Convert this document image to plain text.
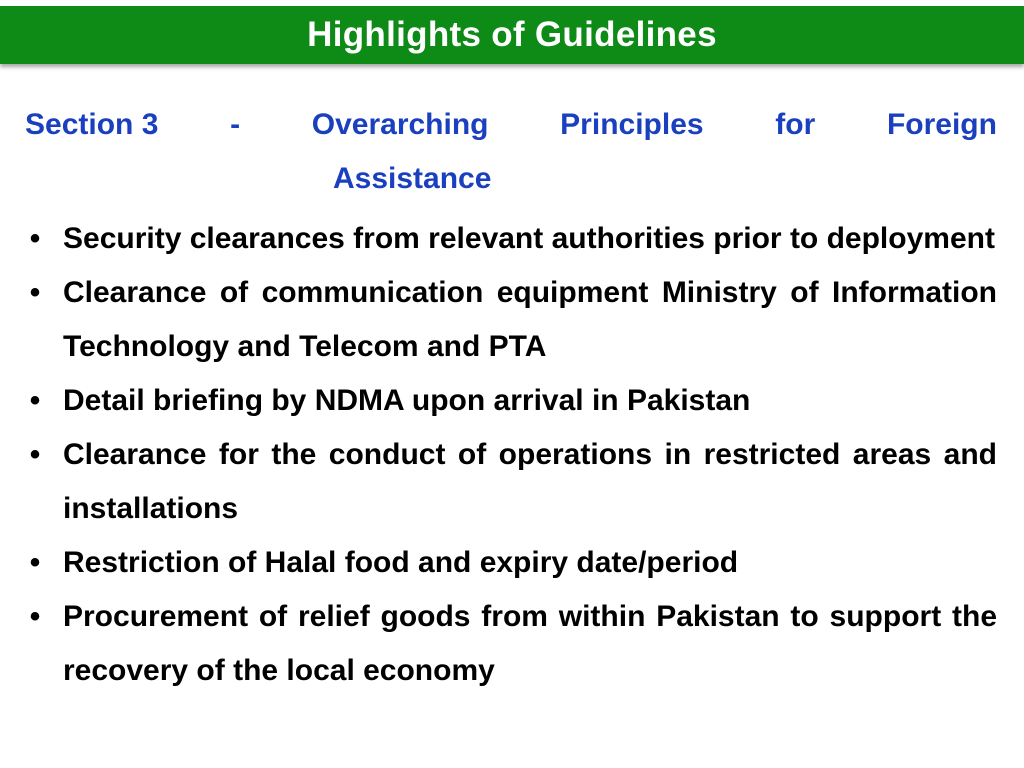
Highlights of Guidelines
Section 3 - Overarching Principles for Foreign
Assistance
• Security clearances from relevant authorities prior to deployment
• Clearance of communication equipment Ministry of Information Technology and Telecom and PTA
• Detail briefing by NDMA upon arrival in Pakistan
• Clearance for the conduct of operations in restricted areas and installations
• Restriction of Halal food and expiry date/period
• Procurement of relief goods from within Pakistan to support the recovery of the local economy
